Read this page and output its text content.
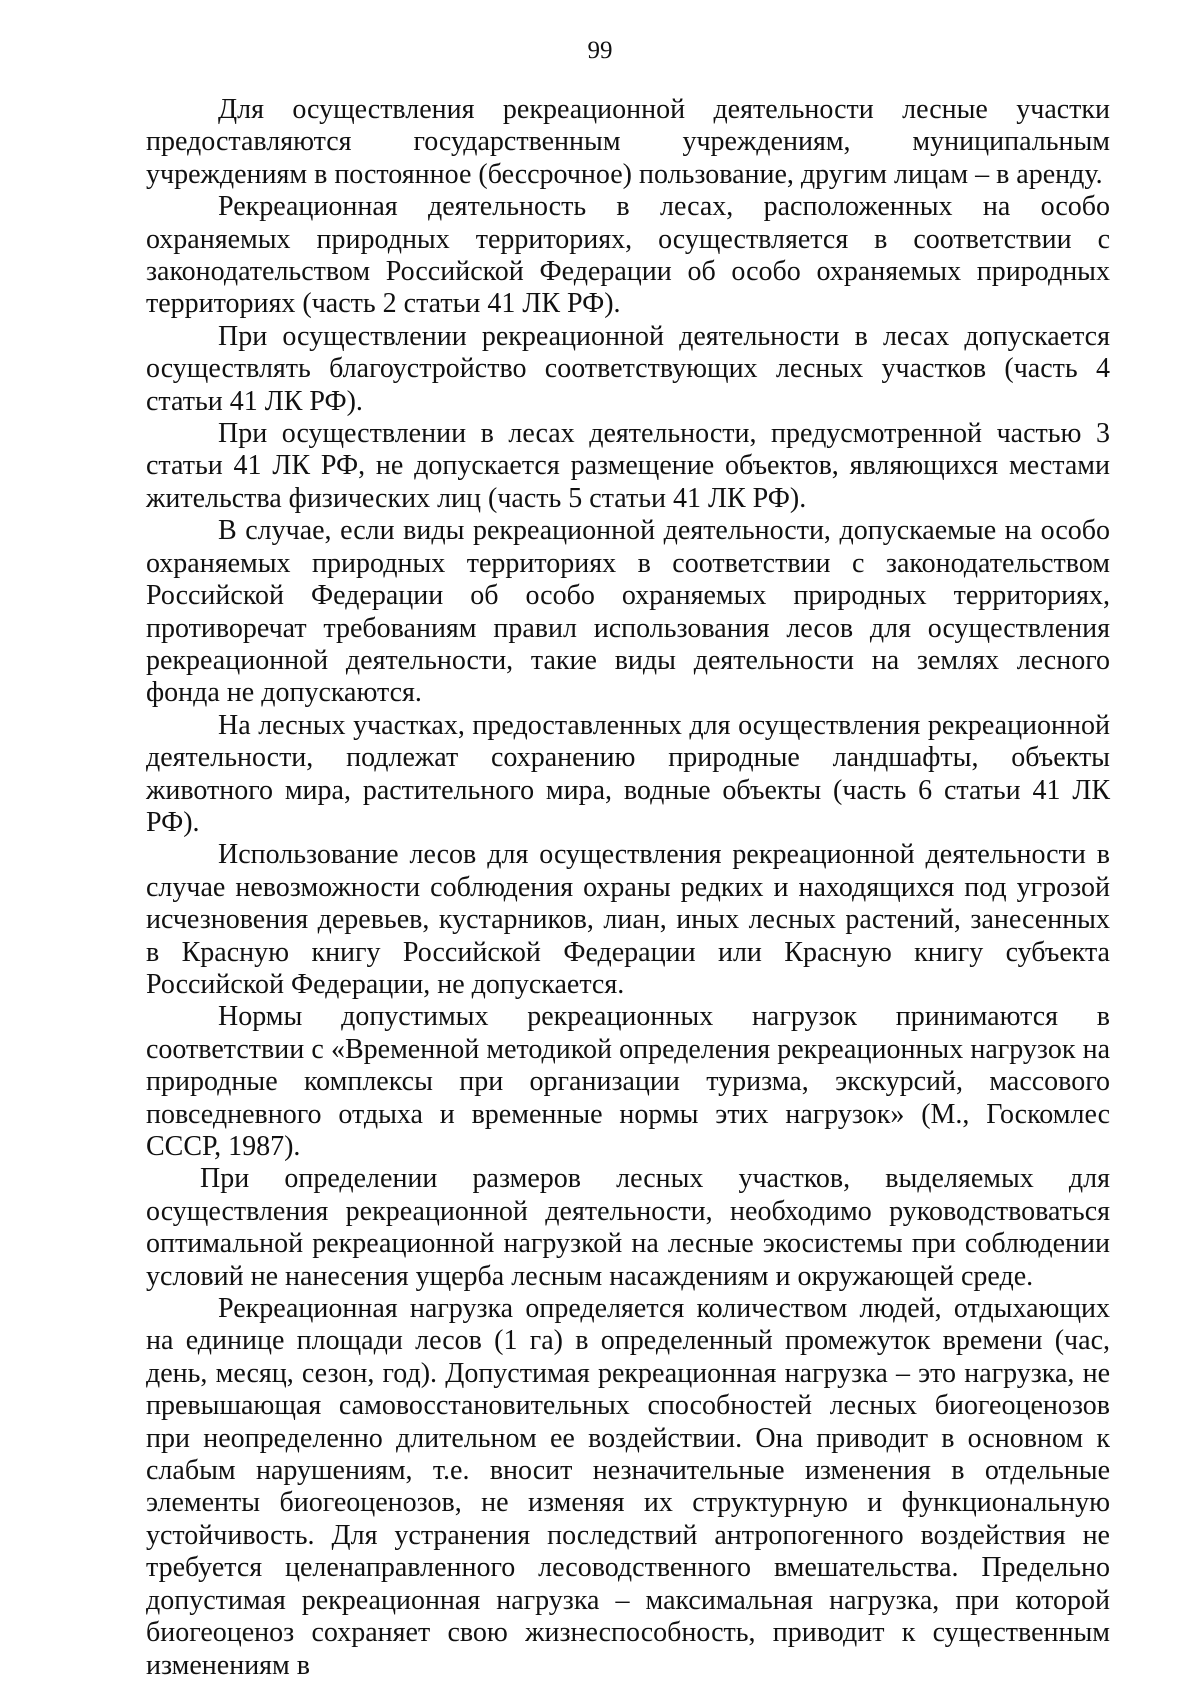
99

Для осуществления рекреационной деятельности лесные участки предоставляются государственным учреждениям, муниципальным учреждениям в постоянное (бессрочное) пользование, другим лицам – в аренду.

Рекреационная деятельность в лесах, расположенных на особо охраняемых природных территориях, осуществляется в соответствии с законодательством Российской Федерации об особо охраняемых природных территориях (часть 2 статьи 41 ЛК РФ).

При осуществлении рекреационной деятельности в лесах допускается осуществлять благоустройство соответствующих лесных участков (часть 4 статьи 41 ЛК РФ).

При осуществлении в лесах деятельности, предусмотренной частью 3 статьи 41 ЛК РФ, не допускается размещение объектов, являющихся местами жительства физических лиц (часть 5 статьи 41 ЛК РФ).

В случае, если виды рекреационной деятельности, допускаемые на особо охраняемых природных территориях в соответствии с законодательством Российской Федерации об особо охраняемых природных территориях, противоречат требованиям правил использования лесов для осуществления рекреационной деятельности, такие виды деятельности на землях лесного фонда не допускаются.

На лесных участках, предоставленных для осуществления рекреационной деятельности, подлежат сохранению природные ландшафты, объекты животного мира, растительного мира, водные объекты (часть 6 статьи 41 ЛК РФ).

Использование лесов для осуществления рекреационной деятельности в случае невозможности соблюдения охраны редких и находящихся под угрозой исчезновения деревьев, кустарников, лиан, иных лесных растений, занесенных в Красную книгу Российской Федерации или Красную книгу субъекта Российской Федерации, не допускается.

Нормы допустимых рекреационных нагрузок принимаются в соответствии с «Временной методикой определения рекреационных нагрузок на природные комплексы при организации туризма, экскурсий, массового повседневного отдыха и временные нормы этих нагрузок» (М., Госкомлес СССР, 1987).

При определении размеров лесных участков, выделяемых для осуществления рекреационной деятельности, необходимо руководствоваться оптимальной рекреационной нагрузкой на лесные экосистемы при соблюдении условий не нанесения ущерба лесным насаждениям и окружающей среде.

Рекреационная нагрузка определяется количеством людей, отдыхающих на единице площади лесов (1 га) в определенный промежуток времени (час, день, месяц, сезон, год). Допустимая рекреационная нагрузка – это нагрузка, не превышающая самовосстановительных способностей лесных биогеоценозов при неопределенно длительном ее воздействии. Она приводит в основном к слабым нарушениям, т.е. вносит незначительные изменения в отдельные элементы биогеоценозов, не изменяя их структурную и функциональную устойчивость. Для устранения последствий антропогенного воздействия не требуется целенаправленного лесоводственного вмешательства. Предельно допустимая рекреационная нагрузка – максимальная нагрузка, при которой биогеоценоз сохраняет свою жизнеспособность, приводит к существенным изменениям в
